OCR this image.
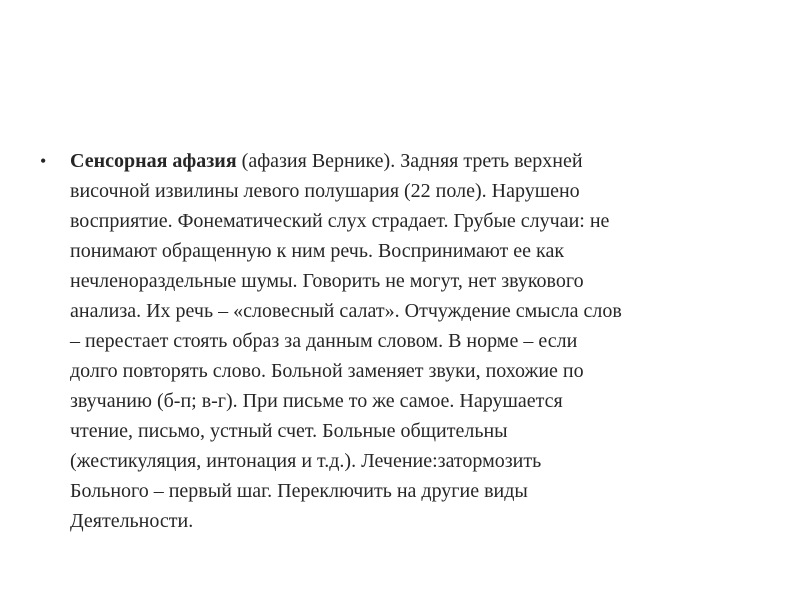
• Сенсорная афазия (афазия Вернике). Задняя треть верхней
височной извилины левого полушария (22 поле). Нарушено
восприятие. Фонематический слух страдает. Грубые случаи: не
понимают обращенную к ним речь. Воспринимают ее как
нечленораздельные шумы. Говорить не могут, нет звукового
анализа. Их речь – «словесный салат». Отчуждение смысла слов
– перестает стоять образ за данным словом. В норме – если
долго повторять слово. Больной заменяет звуки, похожие по
звучанию (б-п; в-г). При письме то же самое. Нарушается
чтение, письмо, устный счет. Больные общительны
(жестикуляция, интонация и т.д.). Лечение:затормозить
Больного – первый шаг. Переключить на другие виды
Деятельности.
